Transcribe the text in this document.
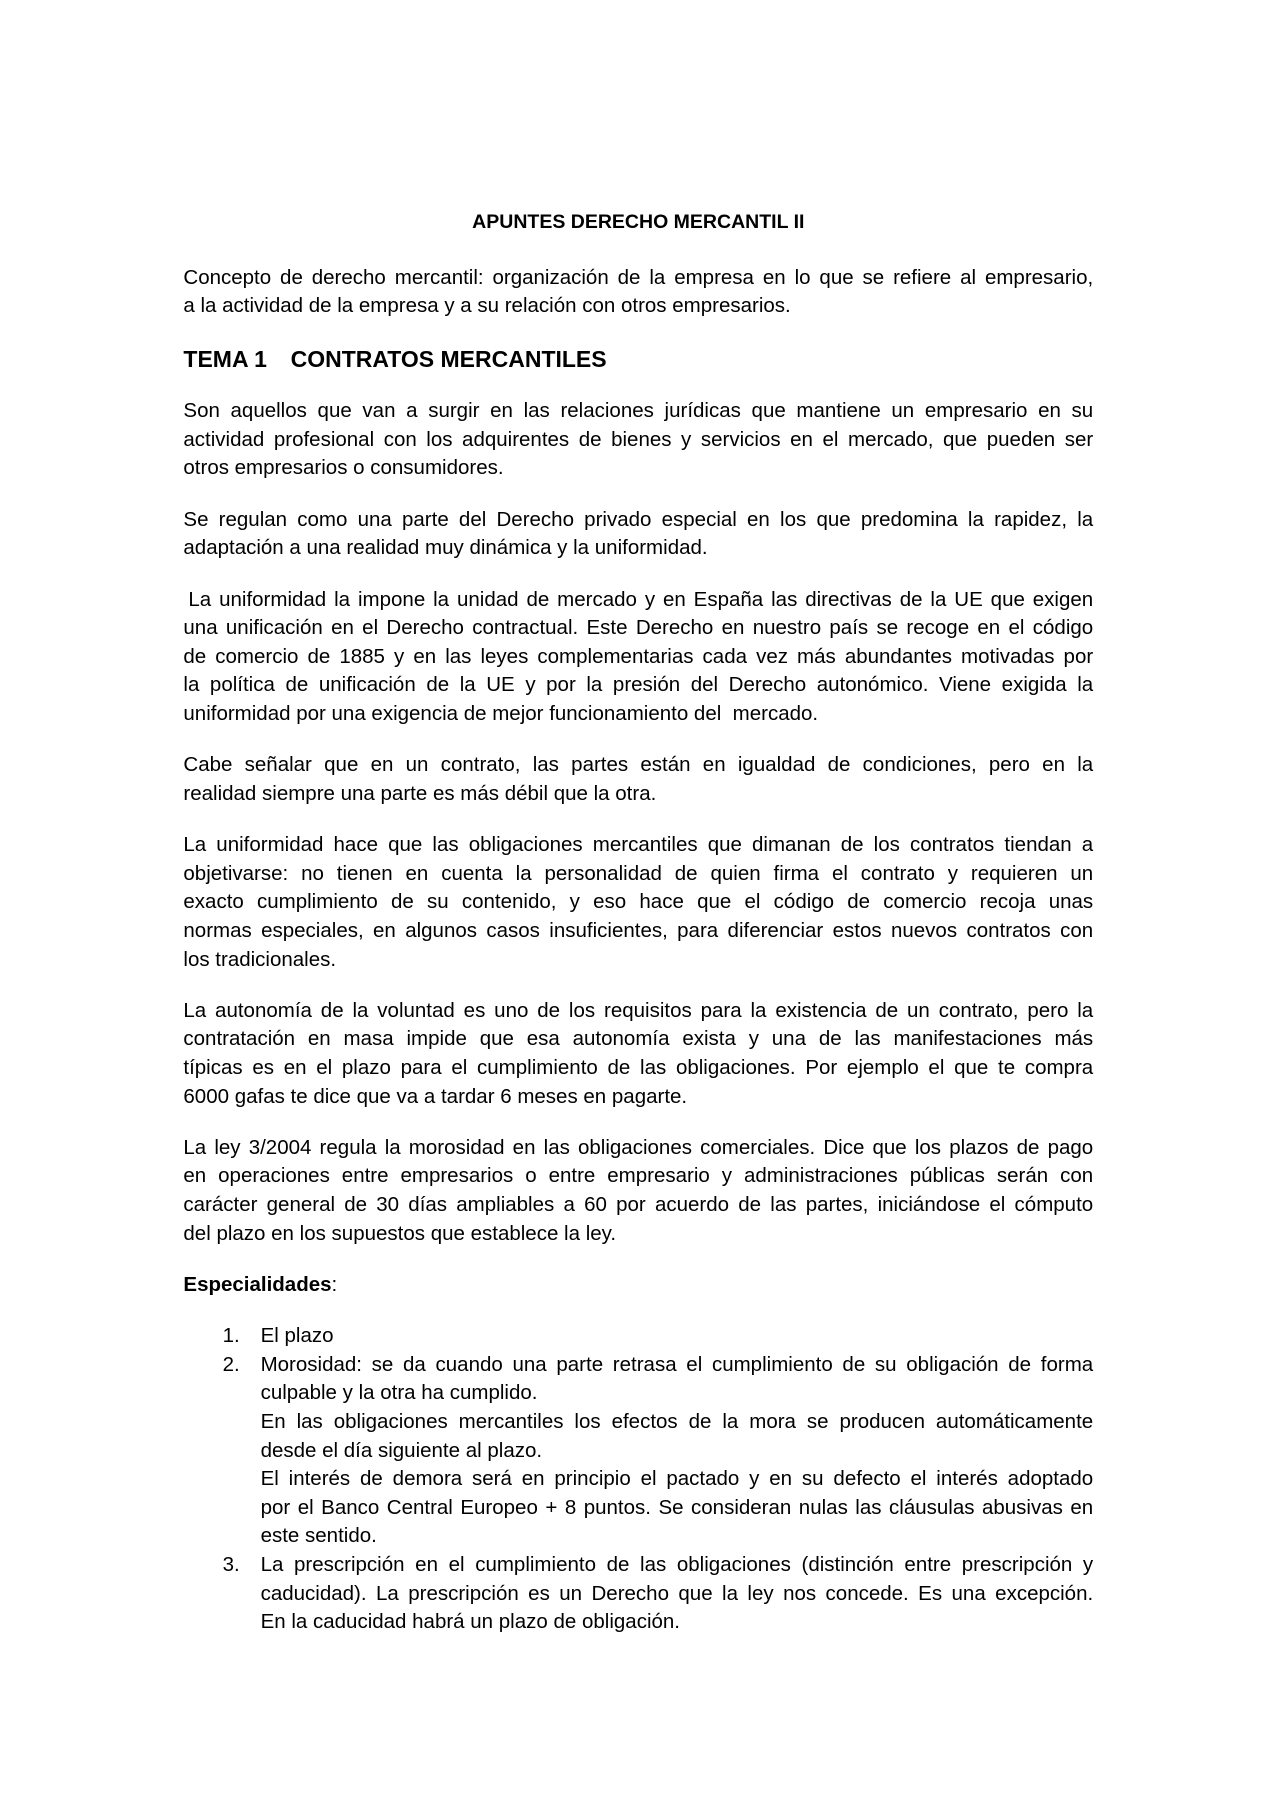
APUNTES DERECHO MERCANTIL II
Concepto de derecho mercantil: organización de la empresa en lo que se refiere al empresario,
a la actividad de la empresa y a su relación con otros empresarios.
TEMA 1 CONTRATOS MERCANTILES
Son aquellos que van a surgir en las relaciones jurídicas que mantiene un empresario en su
actividad profesional con los adquirentes de bienes y servicios en el mercado, que pueden ser
otros empresarios o consumidores.
Se regulan como una parte del Derecho privado especial en los que predomina la rapidez, la
adaptación a una realidad muy dinámica y la uniformidad.
La uniformidad la impone la unidad de mercado y en España las directivas de la UE que exigen
una unificación en el Derecho contractual. Este Derecho en nuestro país se recoge en el código
de comercio de 1885 y en las leyes complementarias cada vez más abundantes motivadas por
la política de unificación de la UE y por la presión del Derecho autonómico. Viene exigida la
uniformidad por una exigencia de mejor funcionamiento del  mercado.
Cabe señalar que en un contrato, las partes están en igualdad de condiciones, pero en la
realidad siempre una parte es más débil que la otra.
La uniformidad hace que las obligaciones mercantiles que dimanan de los contratos tiendan a
objetivarse: no tienen en cuenta la personalidad de quien firma el contrato y requieren un
exacto cumplimiento de su contenido, y eso hace que el código de comercio recoja unas
normas especiales, en algunos casos insuficientes, para diferenciar estos nuevos contratos con
los tradicionales.
La autonomía de la voluntad es uno de los requisitos para la existencia de un contrato, pero la
contratación en masa impide que esa autonomía exista y una de las manifestaciones más
típicas es en el plazo para el cumplimiento de las obligaciones. Por ejemplo el que te compra
6000 gafas te dice que va a tardar 6 meses en pagarte.
La ley 3/2004 regula la morosidad en las obligaciones comerciales. Dice que los plazos de pago
en operaciones entre empresarios o entre empresario y administraciones públicas serán con
carácter general de 30 días ampliables a 60 por acuerdo de las partes, iniciándose el cómputo
del plazo en los supuestos que establece la ley.
Especialidades:
1. El plazo
2. Morosidad: se da cuando una parte retrasa el cumplimiento de su obligación de forma
culpable y la otra ha cumplido.
En las obligaciones mercantiles los efectos de la mora se producen automáticamente
desde el día siguiente al plazo.
El interés de demora será en principio el pactado y en su defecto el interés adoptado
por el Banco Central Europeo + 8 puntos. Se consideran nulas las cláusulas abusivas en
este sentido.
3. La prescripción en el cumplimiento de las obligaciones (distinción entre prescripción y
caducidad). La prescripción es un Derecho que la ley nos concede. Es una excepción.
En la caducidad habrá un plazo de obligación.
